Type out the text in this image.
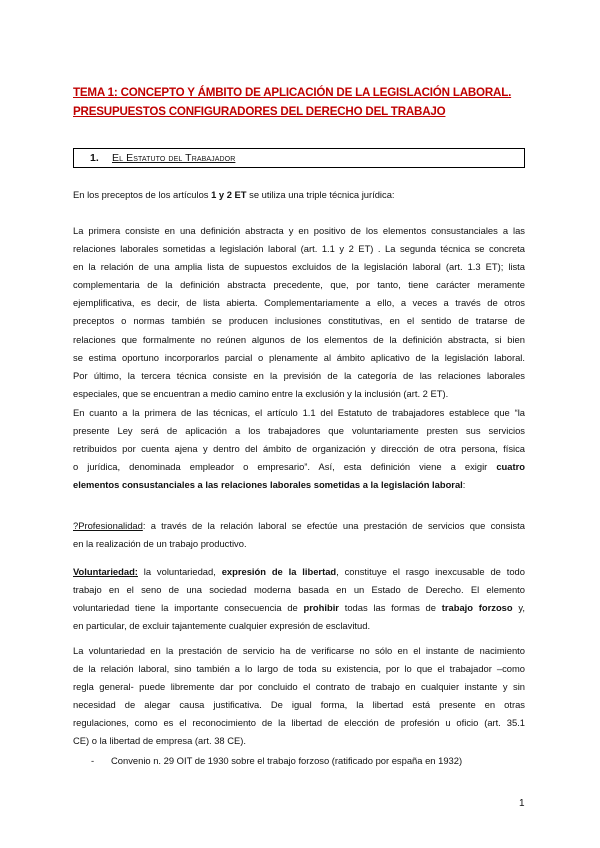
TEMA 1: CONCEPTO Y ÁMBITO DE APLICACIÓN DE LA LEGISLACIÓN LABORAL.
PRESUPUESTOS CONFIGURADORES DEL DERECHO DEL TRABAJO
1. El Estatuto del Trabajador
En los preceptos de los artículos 1 y 2 ET se utiliza una triple técnica jurídica:
La primera consiste en una definición abstracta y en positivo de los elementos consustanciales a las
relaciones laborales sometidas a legislación laboral (art. 1.1 y 2 ET) . La segunda técnica se concreta
en la relación de una amplia lista de supuestos excluidos de la legislación laboral (art. 1.3 ET); lista
complementaria de la definición abstracta precedente, que, por tanto, tiene carácter meramente
ejemplificativa, es decir, de lista abierta. Complementariamente a ello, a veces a través de otros
preceptos o normas también se producen inclusiones constitutivas, en el sentido de tratarse de
relaciones que formalmente no reúnen algunos de los elementos de la definición abstracta, si bien
se estima oportuno incorporarlos parcial o plenamente al ámbito aplicativo de la legislación laboral.
Por último, la tercera técnica consiste en la previsión de la categoría de las relaciones laborales
especiales, que se encuentran a medio camino entre la exclusión y la inclusión (art. 2 ET).
En cuanto a la primera de las técnicas, el artículo 1.1 del Estatuto de trabajadores establece que “la
presente Ley será de aplicación a los trabajadores que voluntariamente presten sus servicios
retribuidos por cuenta ajena y dentro del ámbito de organización y dirección de otra persona, física
o jurídica, denominada empleador o empresario”. Así, esta definición viene a exigir cuatro
elementos consustanciales a las relaciones laborales sometidas a la legislación laboral:
?Profesionalidad: a través de la relación laboral se efectúe una prestación de servicios que consista
en la realización de un trabajo productivo.
Voluntariedad: la voluntariedad, expresión de la libertad, constituye el rasgo inexcusable de todo
trabajo en el seno de una sociedad moderna basada en un Estado de Derecho. El elemento
voluntariedad tiene la importante consecuencia de prohibir todas las formas de trabajo forzoso y,
en particular, de excluir tajantemente cualquier expresión de esclavitud.
La voluntariedad en la prestación de servicio ha de verificarse no sólo en el instante de nacimiento
de la relación laboral, sino también a lo largo de toda su existencia, por lo que el trabajador –como
regla general- puede libremente dar por concluido el contrato de trabajo en cualquier instante y sin
necesidad de alegar causa justificativa. De igual forma, la libertad está presente en otras
regulaciones, como es el reconocimiento de la libertad de elección de profesión u oficio (art. 35.1
CE) o la libertad de empresa (art. 38 CE).
- Convenio n. 29 OIT de 1930 sobre el trabajo forzoso (ratificado por españa en 1932)
1
